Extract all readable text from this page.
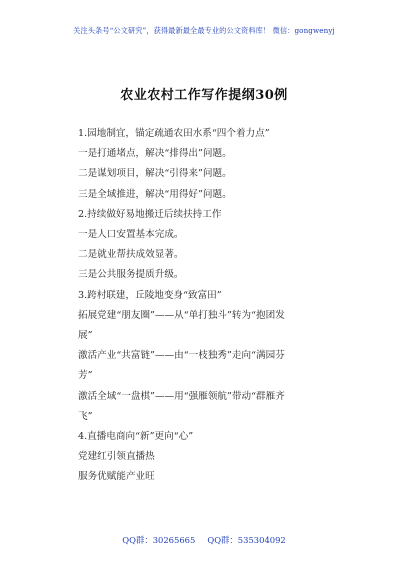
关注头条号“公文研究”，获得最新最全最专业的公文资料库！ 微信：gongwenyj
农业农村工作写作提纲30例
1.园地制宜，锚定疏通农田水系“四个着力点”
一是打通堵点，解决“排得出”问题。
二是谋划项目，解决“引得来”问题。
三是全域推进，解决“用得好”问题。
2.持续做好易地搬迁后续扶持工作
一是人口安置基本完成。
二是就业帮扶成效显著。
三是公共服务提质升级。
3.跨村联建，丘陵地变身“致富田”
拓展党建“朋友圈”——从“单打独斗”转为“抱团发
展”
激活产业“共富链”——由“一枝独秀”走向“满园芬
芳”
激活全域“一盘棋”——用“强雁领航”带动“群雁齐
飞”
4.直播电商向“新”更向“心”
党建红引领直播热
服务优赋能产业旺
QQ群：30265665 QQ群：535304092
